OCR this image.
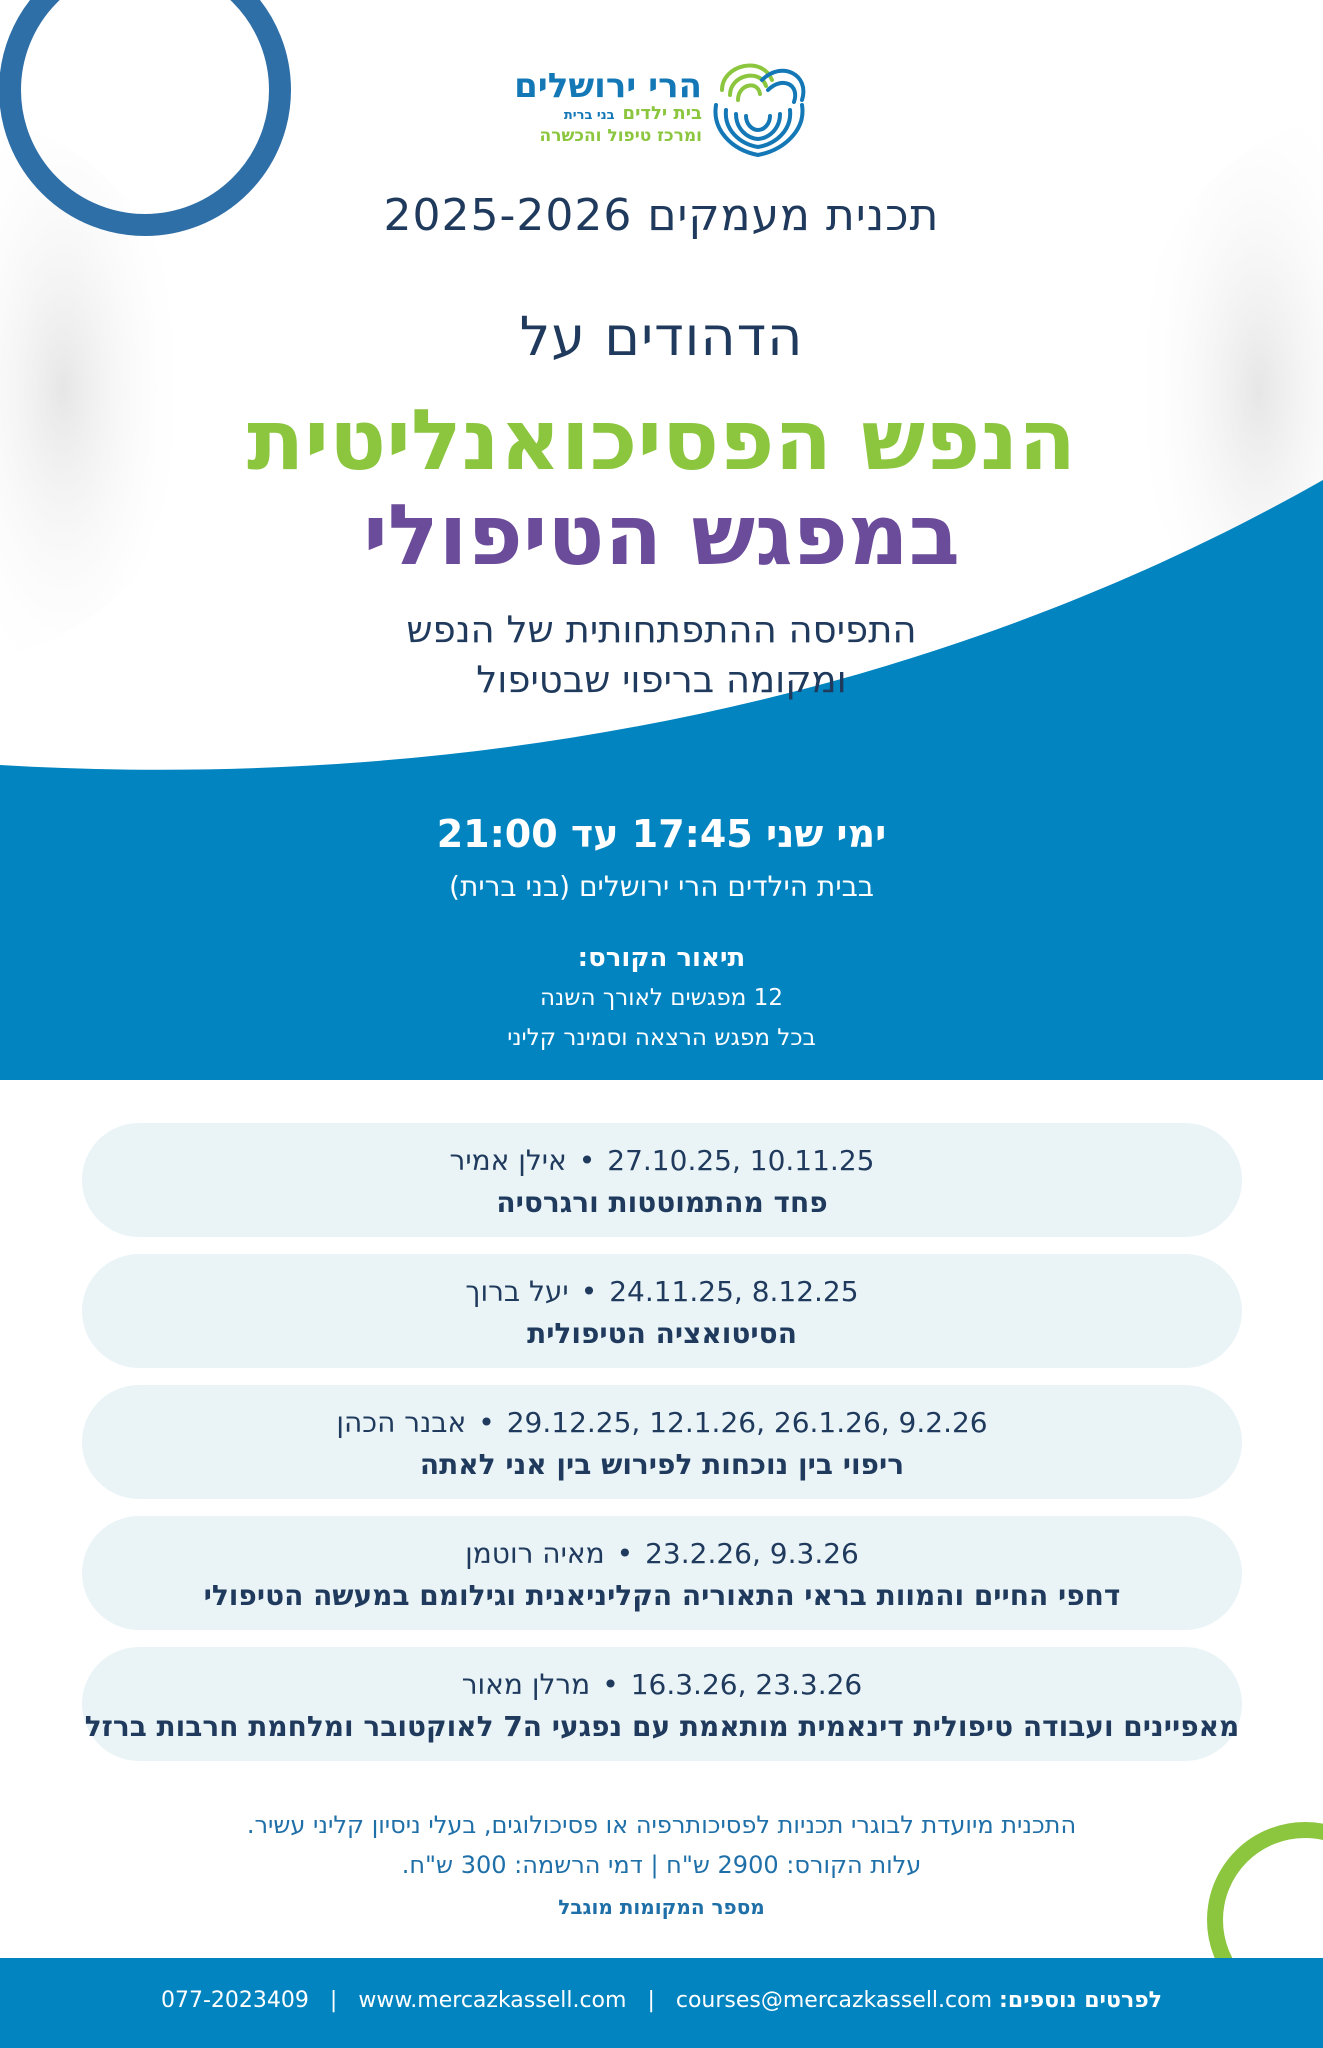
הרי ירושלים
בית ילדיםבני ברית
ומרכז טיפול והכשרה
תכנית מעמקים 2025-2026
הדהודים על
הנפש הפסיכואנליטית
במפגש הטיפולי
התפיסה ההתפתחותית של הנפש
ומקומה בריפוי שבטיפול
ימי שני 17:45 עד 21:00
בבית הילדים הרי ירושלים (בני ברית)
תיאור הקורס:
12 מפגשים לאורך השנה
בכל מפגש הרצאה וסמינר קליני
27.10.25, 10.11.25•אילן אמיר
פחד מהתמוטטות ורגרסיה
24.11.25, 8.12.25•יעל ברוך
הסיטואציה הטיפולית
29.12.25, 12.1.26, 26.1.26, 9.2.26•אבנר הכהן
ריפוי בין נוכחות לפירוש בין אני לאתה
23.2.26, 9.3.26•מאיה רוטמן
דחפי החיים והמוות בראי התאוריה הקליניאנית וגילומם במעשה הטיפולי
16.3.26, 23.3.26•מרלן מאור
מאפיינים ועבודה טיפולית דינאמית מותאמת עם נפגעי ה7 לאוקטובר ומלחמת חרבות ברזל
התכנית מיועדת לבוגרי תכניות לפסיכותרפיה או פסיכולוגים, בעלי ניסיון קליני עשיר.
עלות הקורס: 2900 ש"ח | דמי הרשמה: 300 ש"ח.
מספר המקומות מוגבל
לפרטים נוספים: 077-2023409 | www.mercazkassell.com | courses@mercazkassell.com
